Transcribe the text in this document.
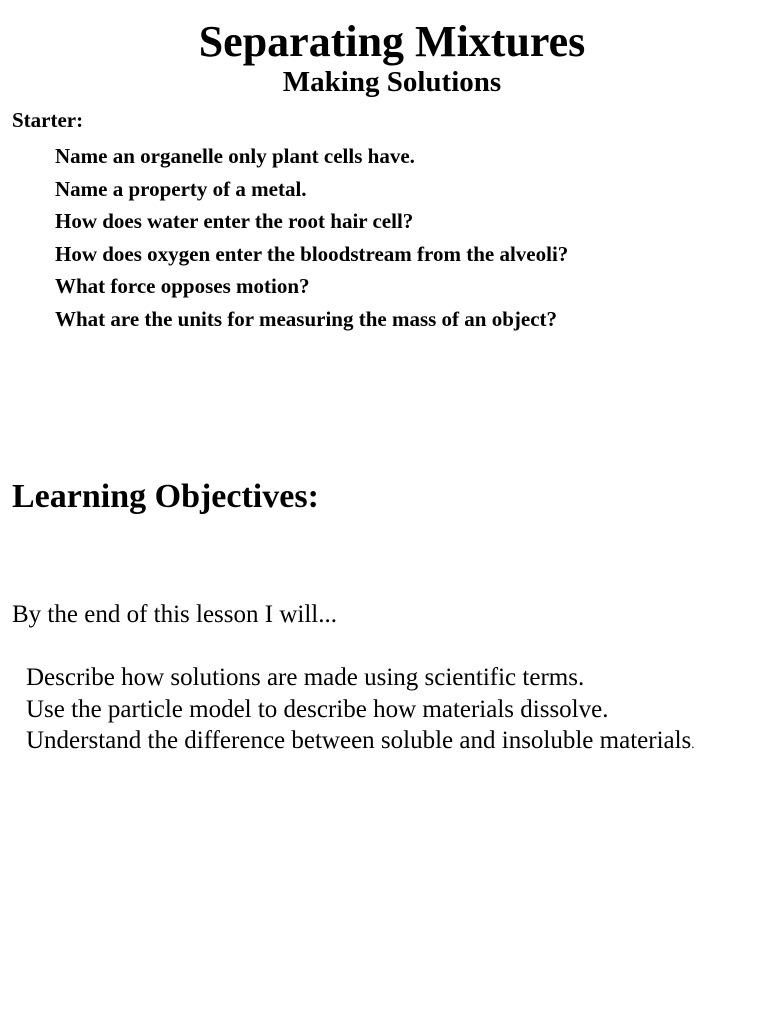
Separating Mixtures
Making Solutions
Starter:
Name an organelle only plant cells have.
Name a property of a metal.
How does water enter the root hair cell?
How does oxygen enter the bloodstream from the alveoli?
What force opposes motion?
What are the units for measuring the mass of an object?
Learning Objectives:

By the end of this lesson I will...

Describe how solutions are made using scientific terms.
Use the particle model to describe how materials dissolve.
Understand the difference between soluble and insoluble materials.
